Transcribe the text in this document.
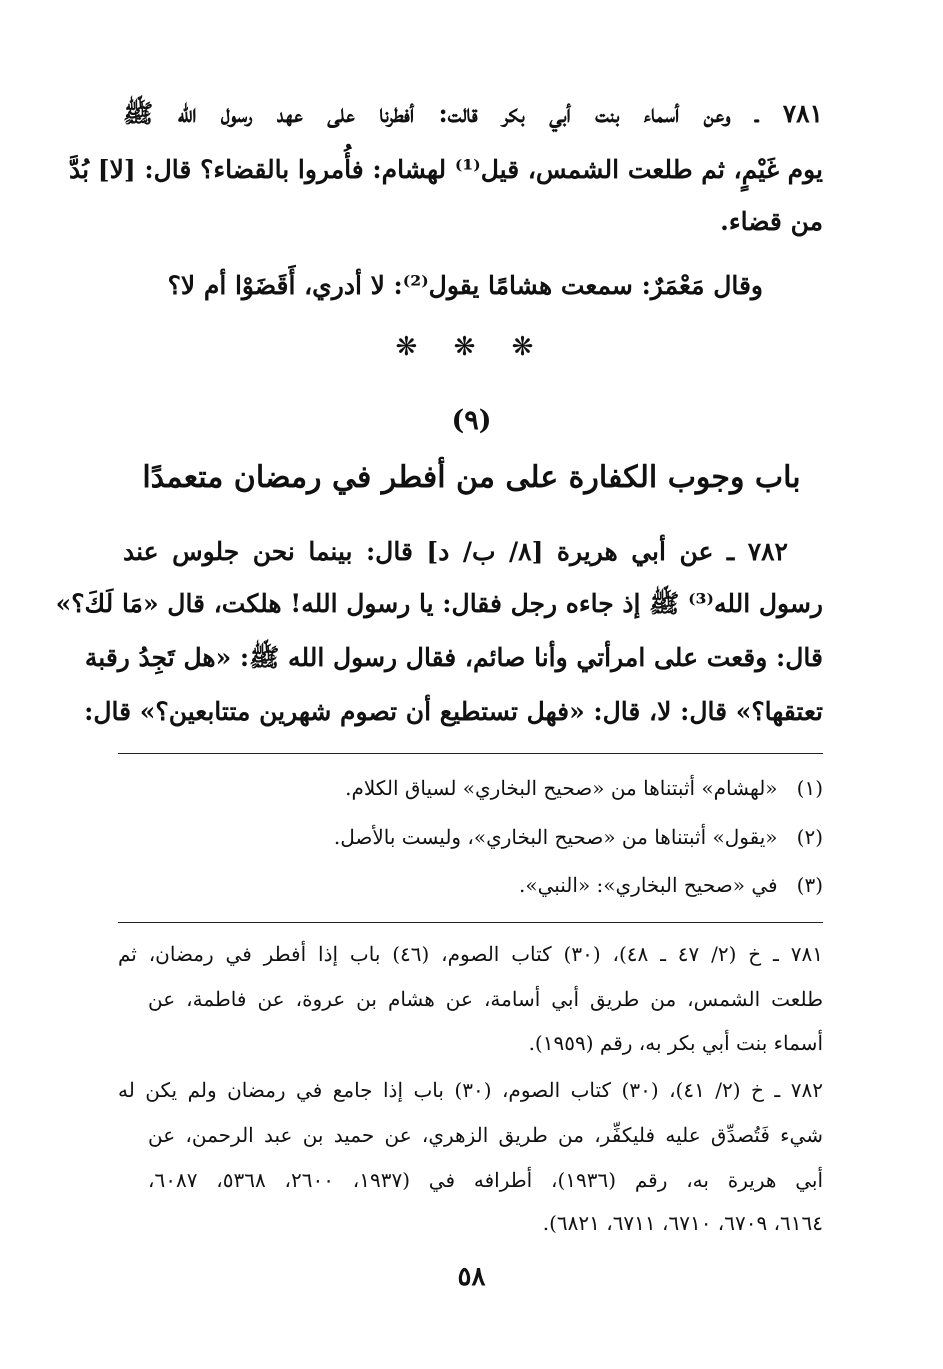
٧٨١ ـ وعن أسماء بنت أبي بكر قالت: أفطرنا على عهد رسول الله ﷺ
يوم غَيْمٍ، ثم طلعت الشمس، قيل⁽¹⁾ لهشام: فأُمروا بالقضاء؟ قال: [لا] بُدَّ
من قضاء.
وقال مَعْمَرٌ: سمعت هشامًا يقول⁽²⁾: لا أدري، أَقَضَوْا أم لا؟
❋ ❋ ❋
(٩)
باب وجوب الكفارة على من أفطر في رمضان متعمدًا
٧٨٢ ـ عن أبي هريرة [٨/ ب/ د] قال: بينما نحن جلوس عند
رسول الله⁽³⁾ ﷺ إذ جاءه رجل فقال: يا رسول الله! هلكت، قال «مَا لَكَ؟»
قال: وقعت على امرأتي وأنا صائم، فقال رسول الله ﷺ: «هل تَجِدُ رقبة
تعتقها؟» قال: لا، قال: «فهل تستطيع أن تصوم شهرين متتابعين؟» قال:
(١)   «لهشام» أثبتناها من «صحيح البخاري» لسياق الكلام.
(٢)   «يقول» أثبتناها من «صحيح البخاري»، وليست بالأصل.
(٣)   في «صحيح البخاري»: «النبي».
٧٨١ ـ خ (٢/ ٤٧ ـ ٤٨)، (٣٠) كتاب الصوم، (٤٦) باب إذا أفطر في رمضان، ثم
طلعت الشمس، من طريق أبي أسامة، عن هشام بن عروة، عن فاطمة، عن
أسماء بنت أبي بكر به، رقم (١٩٥٩).
٧٨٢ ـ خ (٢/ ٤١)، (٣٠) كتاب الصوم، (٣٠) باب إذا جامع في رمضان ولم يكن له
شيء فَتُصدِّق عليه فليكفِّر، من طريق الزهري، عن حميد بن عبد الرحمن، عن
أبي هريرة به، رقم (١٩٣٦)، أطرافه في (١٩٣٧، ٢٦٠٠، ٥٣٦٨، ٦٠٨٧،
٦١٦٤، ٦٧٠٩، ٦٧١٠، ٦٧١١، ٦٨٢١).
٥٨
